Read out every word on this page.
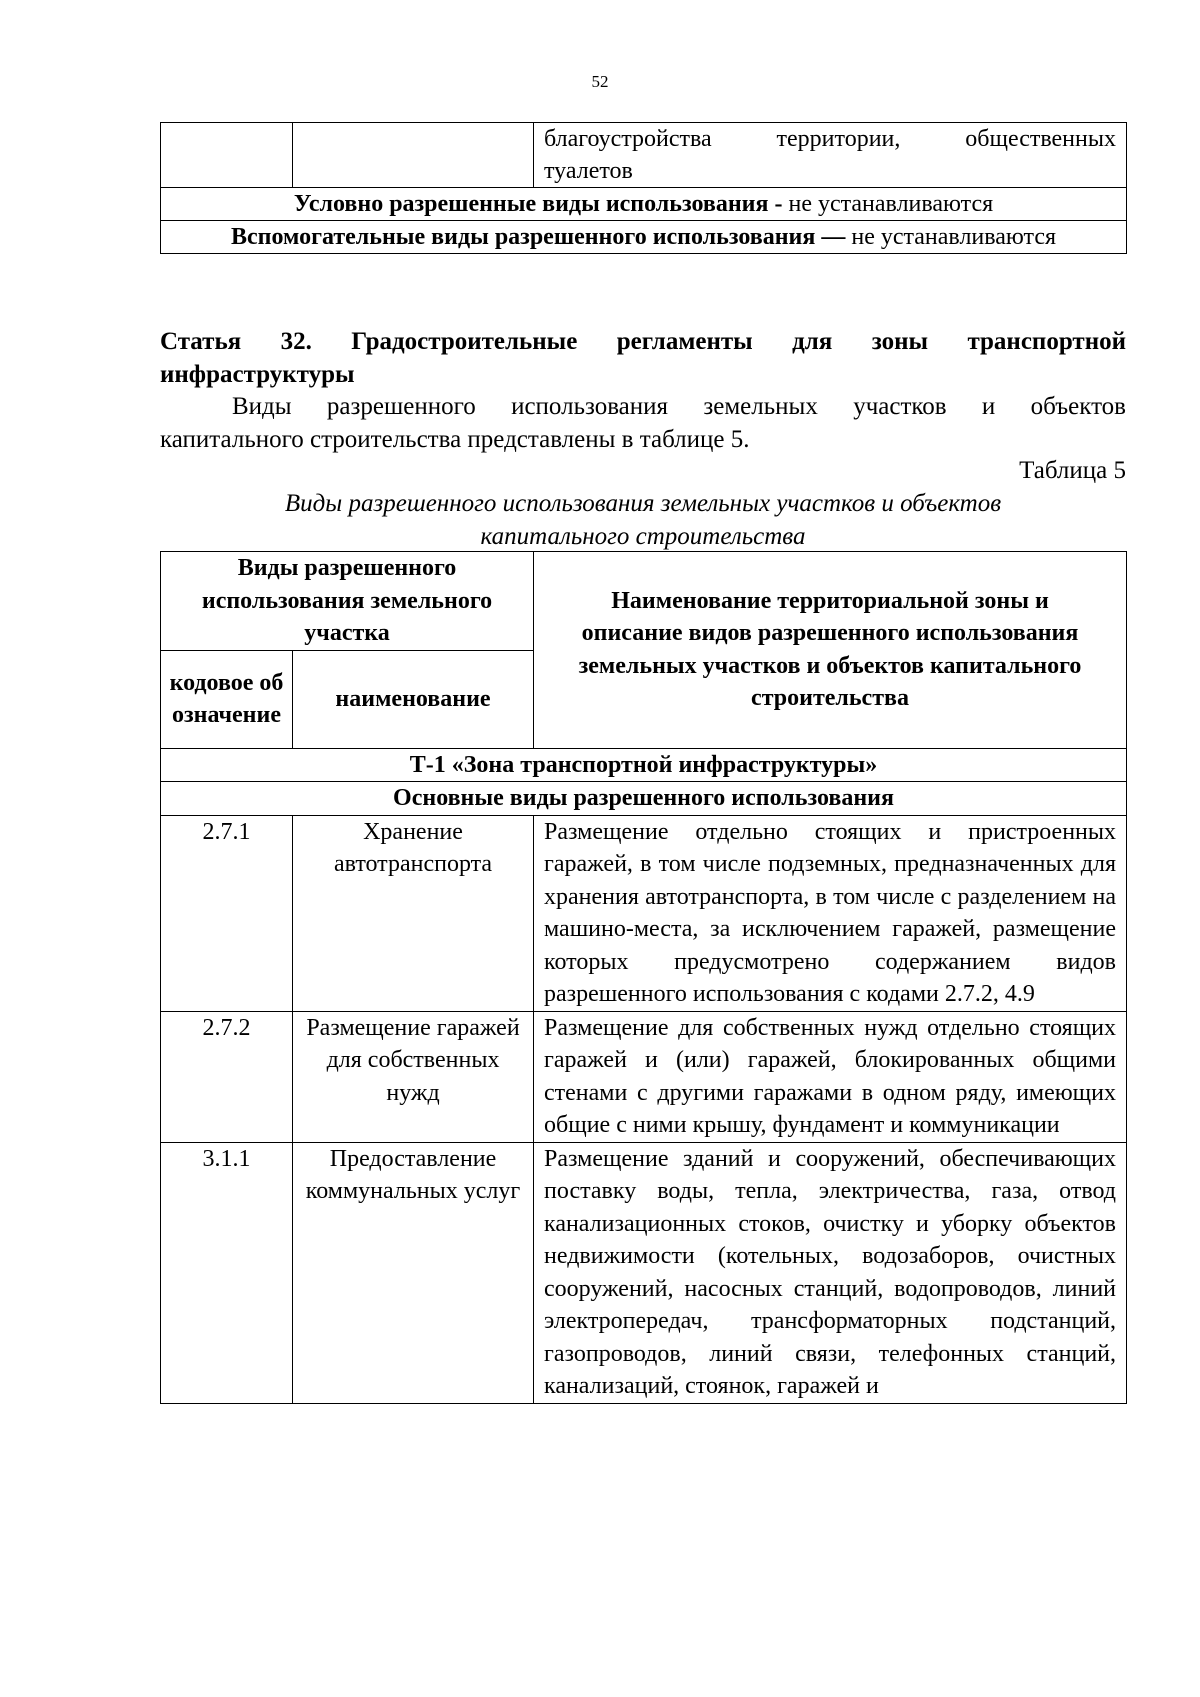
52

благоустройства территории, общественных
туалетов
Условно разрешенные виды использования - не устанавливаются
Вспомогательные виды разрешенного использования — не устанавливаются

Статья 32. Градостроительные регламенты для зоны транспортной инфраструктуры

Виды разрешенного использования земельных участков и объектов
капитального строительства представлены в таблице 5.

Таблица 5
Виды разрешенного использования земельных участков и объектов
капитального строительства
Виды разрешенного использования земельного участка		Наименование территориальной зоны и описание видов разрешенного использования земельных участков и объектов капитального строительства
кодовое обозначение	наименование	
Т-1 «Зона транспортной инфраструктуры»		
Основные виды разрешенного использования		
2.7.1	Хранение автотранспорта	Размещение отдельно стоящих и пристроенных гаражей, в том числе подземных, предназначенных для хранения автотранспорта, в том числе с разделением на машино-места, за исключением гаражей, размещение которых предусмотрено содержанием видов разрешенного использования с кодами 2.7.2, 4.9
2.7.2	Размещение гаражей для собственных нужд	Размещение для собственных нужд отдельно стоящих гаражей и (или) гаражей, блокированных общими стенами с другими гаражами в одном ряду, имеющих общие с ними крышу, фундамент и коммуникации
3.1.1	Предоставление коммунальных услуг	Размещение зданий и сооружений, обеспечивающих поставку воды, тепла, электричества, газа, отвод канализационных стоков, очистку и уборку объектов недвижимости (котельных, водозаборов, очистных сооружений, насосных станций, водопроводов, линий электропередач, трансформаторных подстанций, газопроводов, линий связи, телефонных станций, канализаций, стоянок, гаражей и
